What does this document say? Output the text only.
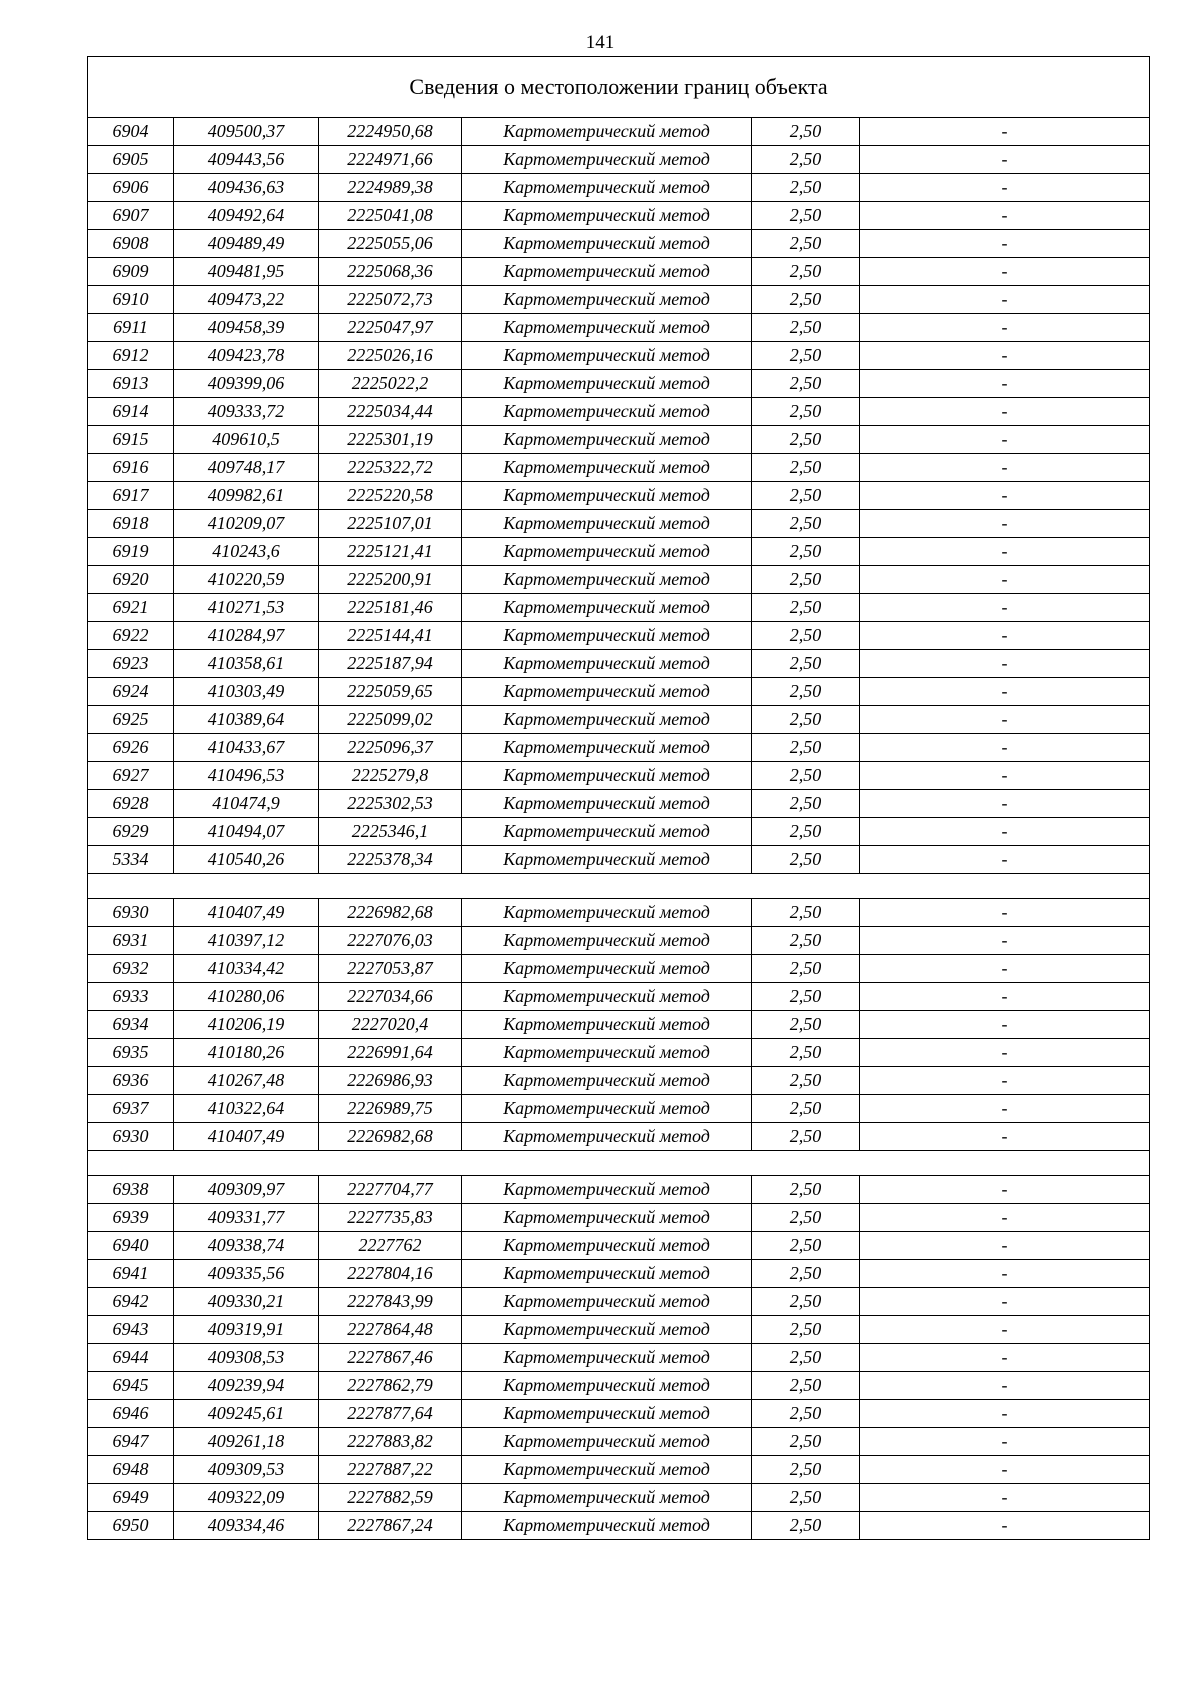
141
Сведения о местоположении границ объекта					
6904	409500,37	2224950,68	Картометрический метод	2,50	-
6905	409443,56	2224971,66	Картометрический метод	2,50	-
6906	409436,63	2224989,38	Картометрический метод	2,50	-
6907	409492,64	2225041,08	Картометрический метод	2,50	-
6908	409489,49	2225055,06	Картометрический метод	2,50	-
6909	409481,95	2225068,36	Картометрический метод	2,50	-
6910	409473,22	2225072,73	Картометрический метод	2,50	-
6911	409458,39	2225047,97	Картометрический метод	2,50	-
6912	409423,78	2225026,16	Картометрический метод	2,50	-
6913	409399,06	2225022,2	Картометрический метод	2,50	-
6914	409333,72	2225034,44	Картометрический метод	2,50	-
6915	409610,5	2225301,19	Картометрический метод	2,50	-
6916	409748,17	2225322,72	Картометрический метод	2,50	-
6917	409982,61	2225220,58	Картометрический метод	2,50	-
6918	410209,07	2225107,01	Картометрический метод	2,50	-
6919	410243,6	2225121,41	Картометрический метод	2,50	-
6920	410220,59	2225200,91	Картометрический метод	2,50	-
6921	410271,53	2225181,46	Картометрический метод	2,50	-
6922	410284,97	2225144,41	Картометрический метод	2,50	-
6923	410358,61	2225187,94	Картометрический метод	2,50	-
6924	410303,49	2225059,65	Картометрический метод	2,50	-
6925	410389,64	2225099,02	Картометрический метод	2,50	-
6926	410433,67	2225096,37	Картометрический метод	2,50	-
6927	410496,53	2225279,8	Картометрический метод	2,50	-
6928	410474,9	2225302,53	Картометрический метод	2,50	-
6929	410494,07	2225346,1	Картометрический метод	2,50	-
5334	410540,26	2225378,34	Картометрический метод	2,50	-

6930	410407,49	2226982,68	Картометрический метод	2,50	-
6931	410397,12	2227076,03	Картометрический метод	2,50	-
6932	410334,42	2227053,87	Картометрический метод	2,50	-
6933	410280,06	2227034,66	Картометрический метод	2,50	-
6934	410206,19	2227020,4	Картометрический метод	2,50	-
6935	410180,26	2226991,64	Картометрический метод	2,50	-
6936	410267,48	2226986,93	Картометрический метод	2,50	-
6937	410322,64	2226989,75	Картометрический метод	2,50	-
6930	410407,49	2226982,68	Картометрический метод	2,50	-

6938	409309,97	2227704,77	Картометрический метод	2,50	-
6939	409331,77	2227735,83	Картометрический метод	2,50	-
6940	409338,74	2227762	Картометрический метод	2,50	-
6941	409335,56	2227804,16	Картометрический метод	2,50	-
6942	409330,21	2227843,99	Картометрический метод	2,50	-
6943	409319,91	2227864,48	Картометрический метод	2,50	-
6944	409308,53	2227867,46	Картометрический метод	2,50	-
6945	409239,94	2227862,79	Картометрический метод	2,50	-
6946	409245,61	2227877,64	Картометрический метод	2,50	-
6947	409261,18	2227883,82	Картометрический метод	2,50	-
6948	409309,53	2227887,22	Картометрический метод	2,50	-
6949	409322,09	2227882,59	Картометрический метод	2,50	-
6950	409334,46	2227867,24	Картометрический метод	2,50	-
